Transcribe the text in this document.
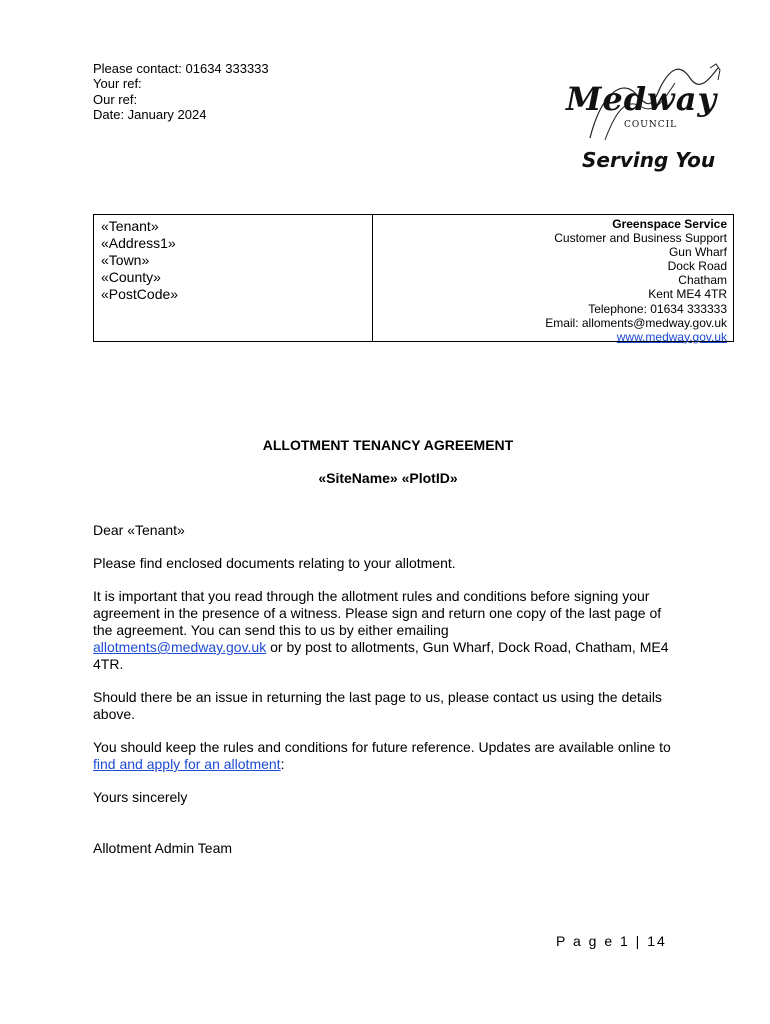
Please contact: 01634 333333
Your ref:
Our ref:
Date: January 2024	Medway
COUNCIL
Serving You
«Tenant»
«Address1»
«Town»
«County»
«PostCode»
Greenspace Service
Customer and Business Support
Gun Wharf
Dock Road
Chatham
Kent ME4 4TR
Telephone: 01634 333333
Email: alloments@medway.gov.uk
www.medway.gov.uk

ALLOTMENT TENANCY AGREEMENT

«SiteName» «PlotID»

Dear «Tenant»

Please find enclosed documents relating to your allotment.

It is important that you read through the allotment rules and conditions before signing your agreement in the presence of a witness. Please sign and return one copy of the last page of the agreement. You can send this to us by either emailing
allotments@medway.gov.uk or by post to allotments, Gun Wharf, Dock Road, Chatham, ME4 4TR.

Should there be an issue in returning the last page to us, please contact us using the details above.

You should keep the rules and conditions for future reference. Updates are available online to find and apply for an allotment:

Yours sincerely

Allotment Admin Team

P a g e 1 | 14
